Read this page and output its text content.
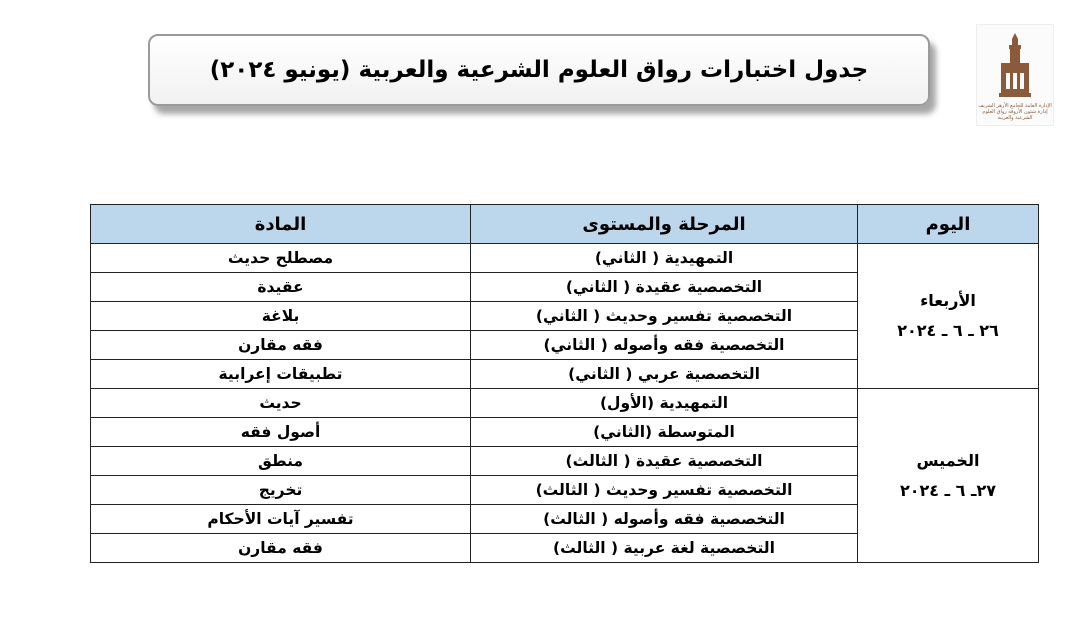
جدول اختبارات رواق العلوم الشرعية والعربية (يونيو ٢٠٢٤)
الإدارة العامة للجامع الأزهر الشريف إدارة شئون الأروقة رواق العلوم الشرعية والعربية
اليوم	المرحلة والمستوى	المادة

الأربعاء
٢٦ ـ ٦ ـ ٢٠٢٤	التمهيدية ( الثاني)	مصطلح حديث
	التخصصية عقيدة ( الثاني)	عقيدة
	التخصصية تفسير وحديث ( الثاني)	بلاغة
	التخصصية فقه وأصوله ( الثاني)	فقه مقارن
	التخصصية عربي ( الثاني)	تطبيقات إعرابية

الخميس
٢٧ـ ٦ ـ ٢٠٢٤	التمهيدية (الأول)	حديث
	المتوسطة (الثاني)	أصول فقه
	التخصصية عقيدة ( الثالث)	منطق
	التخصصية تفسير وحديث ( الثالث)	تخريج
	التخصصية فقه وأصوله ( الثالث)	تفسير آيات الأحكام
	التخصصية لغة عربية ( الثالث)	فقه مقارن
